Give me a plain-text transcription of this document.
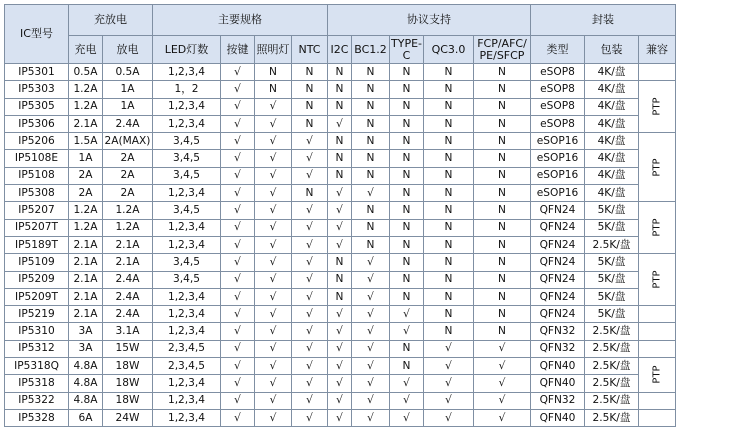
IC型号	充放电		主要规格				协议支持					封装		
	充电	放电	LED灯数	按键	照明灯	NTC	I2C	BC1.2	TYPE-
C	QC3.0	FCP/AFC/
PE/SFCP	类型	包装	兼容
IP5301	0.5A	0.5A	1,2,3,4	√	N	N	N	N	N	N	N	eSOP8	4K/盘	
IP5303	1.2A	1A	1，2	√	N	N	N	N	N	N	N	eSOP8	4K/盘	PTP
IP5305	1.2A	1A	1,2,3,4	√	√	N	N	N	N	N	N	eSOP8	4K/盘	
IP5306	2.1A	2.4A	1,2,3,4	√	√	N	√	N	N	N	N	eSOP8	4K/盘	
IP5206	1.5A	2A(MAX)	3,4,5	√	√	√	N	N	N	N	N	eSOP16	4K/盘	PTP
IP5108E	1A	2A	3,4,5	√	√	√	N	N	N	N	N	eSOP16	4K/盘	
IP5108	2A	2A	3,4,5	√	√	√	N	N	N	N	N	eSOP16	4K/盘	
IP5308	2A	2A	1,2,3,4	√	√	N	√	√	N	N	N	eSOP16	4K/盘	
IP5207	1.2A	1.2A	3,4,5	√	√	√	√	N	N	N	N	QFN24	5K/盘	PTP
IP5207T	1.2A	1.2A	1,2,3,4	√	√	√	√	N	N	N	N	QFN24	5K/盘	
IP5189T	2.1A	2.1A	1,2,3,4	√	√	√	√	N	N	N	N	QFN24	2.5K/盘	
IP5109	2.1A	2.1A	3,4,5	√	√	√	N	√	N	N	N	QFN24	5K/盘	PTP
IP5209	2.1A	2.4A	3,4,5	√	√	√	N	√	N	N	N	QFN24	5K/盘	
IP5209T	2.1A	2.4A	1,2,3,4	√	√	√	N	√	N	N	N	QFN24	5K/盘	
IP5219	2.1A	2.4A	1,2,3,4	√	√	√	√	√	√	N	N	QFN24	5K/盘	
IP5310	3A	3.1A	1,2,3,4	√	√	√	√	√	√	N	N	QFN32	2.5K/盘	
IP5312	3A	15W	2,3,4,5	√	√	√	√	√	N	√	√	QFN32	2.5K/盘	
IP5318Q	4.8A	18W	2,3,4,5	√	√	√	√	√	N	√	√	QFN40	2.5K/盘	PTP
IP5318	4.8A	18W	1,2,3,4	√	√	√	√	√	√	√	√	QFN40	2.5K/盘	
IP5322	4.8A	18W	1,2,3,4	√	√	√	√	√	√	√	√	QFN32	2.5K/盘	
IP5328	6A	24W	1,2,3,4	√	√	√	√	√	√	√	√	QFN40	2.5K/盘	
